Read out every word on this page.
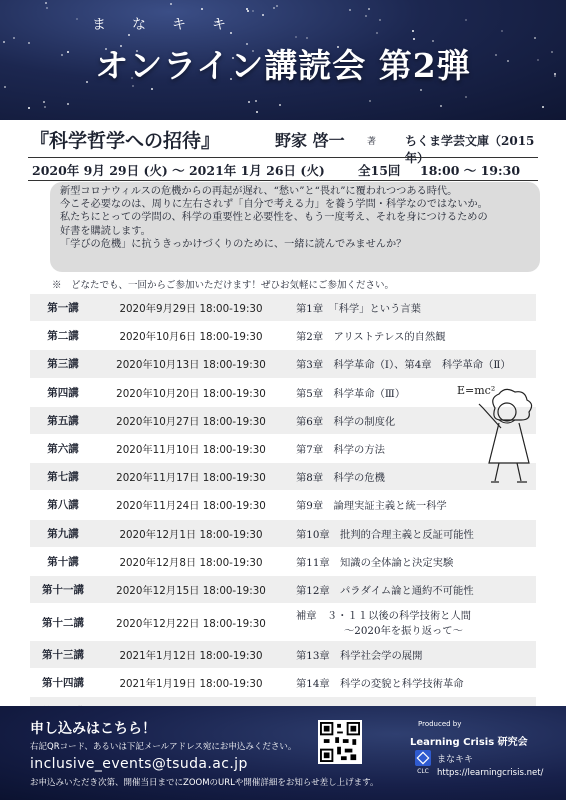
まなキキ
オンライン講読会 第2弾
『科学哲学への招待』	野家 啓一 著 ちくま学芸文庫（2015年）
2020年 9月 29日 (火) ～ 2021年 1月 26日 (火)	全15回 18:00 ～ 19:30

新型コロナウィルスの危機からの再起が遅れ、“愁い”と“畏れ”に覆われつつある時代。

今こそ必要なのは、周りに左右されず「自分で考える力」を養う学問・科学なのではないか。

私たちにとっての学問の、科学の重要性と必要性を、もう一度考え、それを身につけるための

好書を購読します。

「学びの危機」に抗うきっかけづくりのために、一緒に読んでみませんか？

※　どなたでも、一回からご参加いただけます！ぜひお気軽にご参加ください。
第一講	2020年9月29日 18:00-19:30	第1章　「科学」という言葉
第二講	2020年10月6日 18:00-19:30	第2章　アリストテレス的自然観
第三講	2020年10月13日 18:00-19:30	第3章　科学革命（Ⅰ）、第4章　科学革命（Ⅱ）
第四講	2020年10月20日 18:00-19:30	第5章　科学革命（Ⅲ）
第五講	2020年10月27日 18:00-19:30	第6章　科学の制度化
第六講	2020年11月10日 18:00-19:30	第7章　科学の方法
第七講	2020年11月17日 18:00-19:30	第8章　科学の危機
第八講	2020年11月24日 18:00-19:30	第9章　論理実証主義と統一科学
第九講	2020年12月1日 18:00-19:30	第10章　批判的合理主義と反証可能性
第十講	2020年12月8日 18:00-19:30	第11章　知識の全体論と決定実験
第十一講	2020年12月15日 18:00-19:30	第12章　パラダイム論と通約不可能性
第十二講	2020年12月22日 18:00-19:30	補章　３・１１以後の科学技術と人間
～2020年を振り返って～

第十三講	2021年1月12日 18:00-19:30	第13章　科学社会学の展開
第十四講	2021年1月19日 18:00-19:30	第14章　科学の変貌と科学技術革命

E=mc²
申し込みはこちら！
右記QRコード、あるいは下記メールアドレス宛にお申込みください。
inclusive_events@tsuda.ac.jp
お申込みいただき次第、開催当日までにZOOMのURLや開催詳細をお知らせ差し上げます。
Produced by
Learning Crisis 研究会
CLC
まなキキ
https://learningcrisis.net/
